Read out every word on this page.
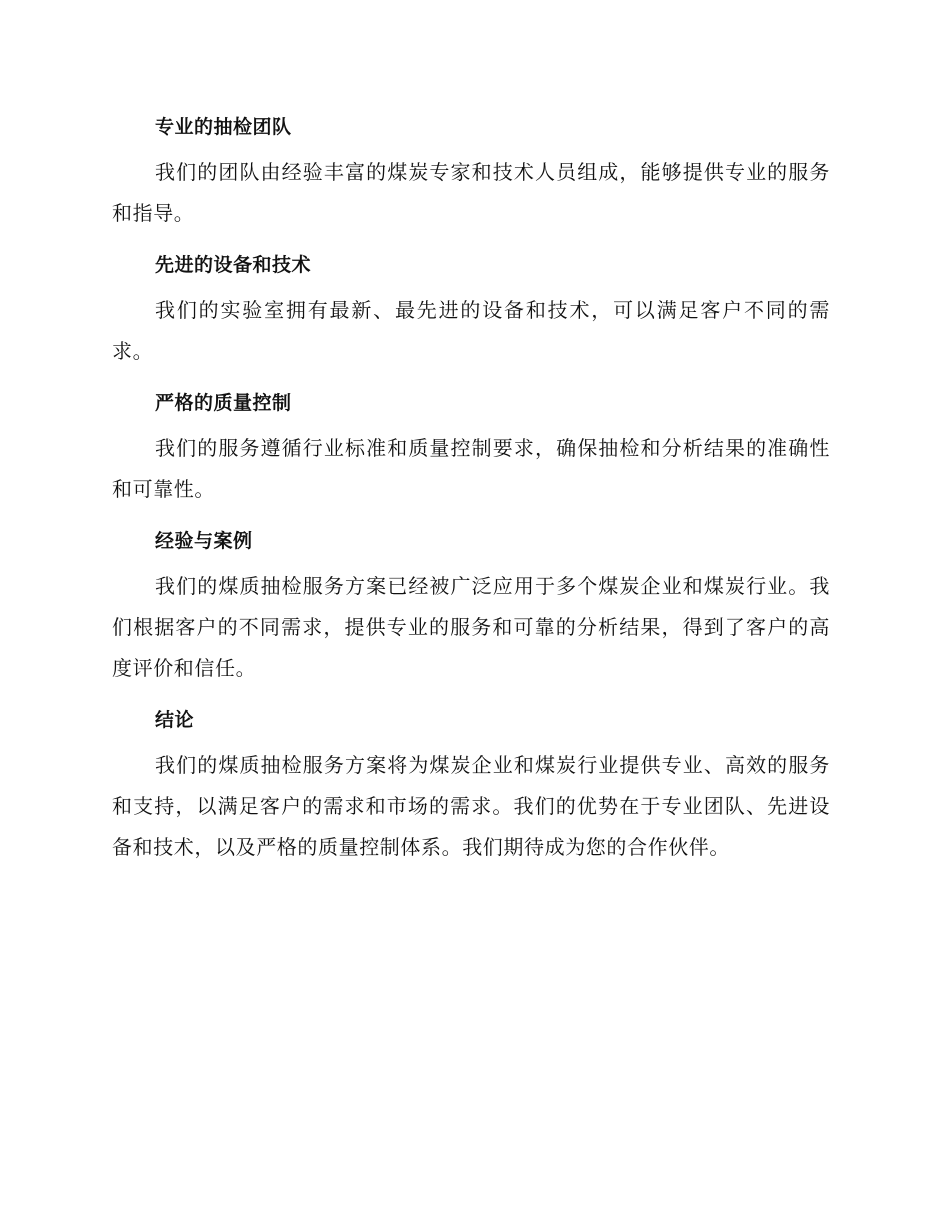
专业的抽检团队

我们的团队由经验丰富的煤炭专家和技术人员组成，能够提供专业的服务和指导。

先进的设备和技术

我们的实验室拥有最新、最先进的设备和技术，可以满足客户不同的需求。

严格的质量控制

我们的服务遵循行业标准和质量控制要求，确保抽检和分析结果的准确性和可靠性。

经验与案例

我们的煤质抽检服务方案已经被广泛应用于多个煤炭企业和煤炭行业。我们根据客户的不同需求，提供专业的服务和可靠的分析结果，得到了客户的高度评价和信任。

结论

我们的煤质抽检服务方案将为煤炭企业和煤炭行业提供专业、高效的服务和支持，以满足客户的需求和市场的需求。我们的优势在于专业团队、先进设备和技术，以及严格的质量控制体系。我们期待成为您的合作伙伴。
